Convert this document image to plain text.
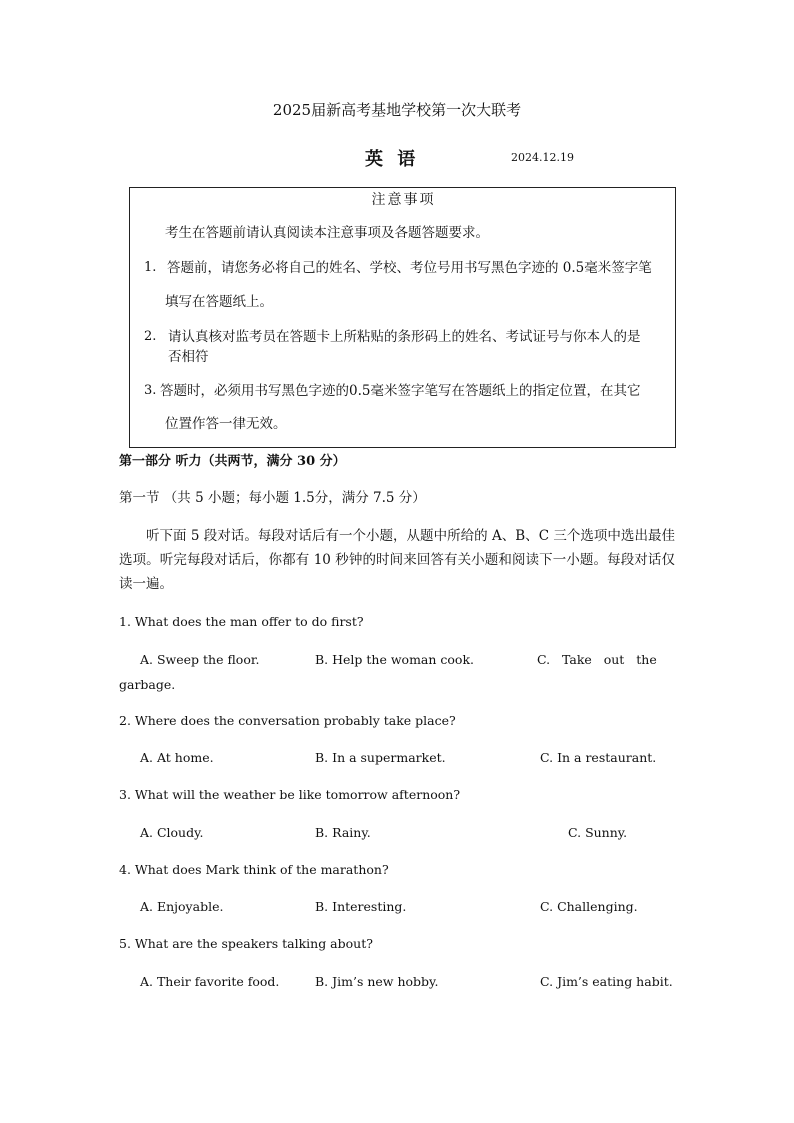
2025届新高考基地学校第一次大联考
英 语	2024.12.19
注意事项
考生在答题前请认真阅读本注意事项及各题答题要求。
1. 答题前，请您务必将自己的姓名、学校、考位号用书写黑色字迹的 0.5毫米签字笔
填写在答题纸上。
2. 请认真核对监考员在答题卡上所粘贴的条形码上的姓名、考试证号与你本人的是
否相符
3. 答题时，必须用书写黑色字迹的0.5毫米签字笔写在答题纸上的指定位置，在其它
位置作答一律无效。
第一部分 听力（共两节，满分 30 分）
第一节 （共 5 小题；每小题 1.5分，满分 7.5 分）
听下面 5 段对话。每段对话后有一个小题，从题中所给的 A、B、C 三个选项中选出最佳 选项。听完每段对话后，你都有 10 秒钟的时间来回答有关小题和阅读下一小题。每段对话仅 读一遍。
1. What does the man offer to do first?
A. Sweep the floor.	B. Help the woman cook.	C.   Take   out   the
garbage.
2. Where does the conversation probably take place?
A. At home.	B. In a supermarket.	C. In a restaurant.
3. What will the weather be like tomorrow afternoon?
A. Cloudy.	B. Rainy.	C. Sunny.
4. What does Mark think of the marathon?
A. Enjoyable.	B. Interesting.	C. Challenging.
5. What are the speakers talking about?
A. Their favorite food.	B. Jim’s new hobby.	C. Jim’s eating habit.
